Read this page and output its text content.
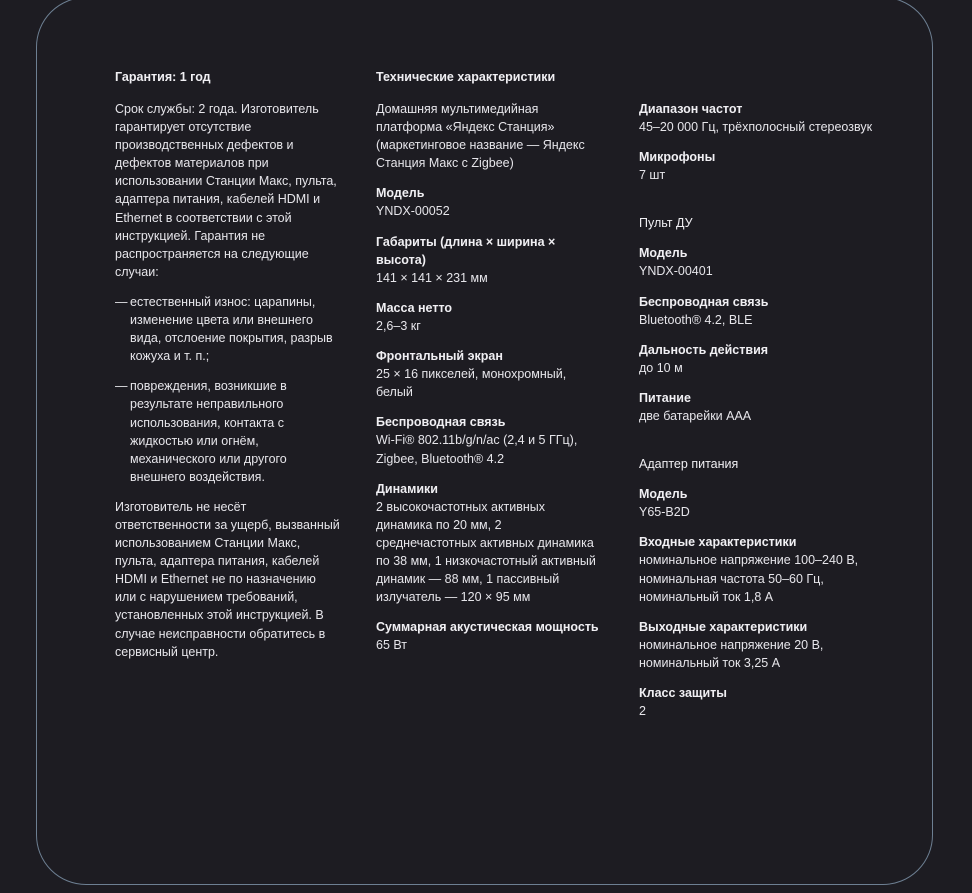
Гарантия: 1 год

Срок службы: 2 года. Изготовитель гарантирует отсутствие производственных дефектов и дефектов материалов при использовании Станции Макс, пульта, адаптера питания, кабелей HDMI и Ethernet в соответствии с этой инструкцией. Гарантия не распространяется на следующие случаи:

— естественный износ: царапины, изменение цвета или внешнего вида, отслоение покрытия, разрыв кожуха и т. п.;
— повреждения, возникшие в результате неправильного использования, контакта с жидкостью или огнём, механического или другого внешнего воздействия.

Изготовитель не несёт ответственности за ущерб, вызванный использованием Станции Макс, пульта, адаптера питания, кабелей HDMI и Ethernet не по назначению или с нарушением требований, установленных этой инструкцией. В случае неисправности обратитесь в сервисный центр.

Технические характеристики

Домашняя мультимедийная платформа «Яндекс Станция» (маркетинговое название — Яндекс Станция Макс с Zigbee)

Модель
YNDX-00052
Габариты (длина × ширина × высота)
141 × 141 × 231 мм
Масса нетто
2,6–3 кг
Фронтальный экран
25 × 16 пикселей, монохромный, белый
Беспроводная связь
Wi-Fi® 802.11b/g/n/ac (2,4 и 5 ГГц), Zigbee, Bluetooth® 4.2
Динамики
2 высокочастотных активных динамика по 20 мм, 2 среднечастотных активных динамика по 38 мм, 1 низкочастотный активный динамик — 88 мм, 1 пассивный излучатель — 120 × 95 мм
Суммарная акустическая мощность
65 Вт
Диапазон частот
45–20 000 Гц, трёхполосный стереозвук
Микрофоны
7 шт
Пульт ДУ
Модель
YNDX-00401
Беспроводная связь
Bluetooth® 4.2, BLE
Дальность действия
до 10 м
Питание
две батарейки AAA
Адаптер питания
Модель
Y65-B2D
Входные характеристики
номинальное напряжение 100–240 В, номинальная частота 50–60 Гц, номинальный ток 1,8 А
Выходные характеристики
номинальное напряжение 20 В, номинальный ток 3,25 А
Класс защиты
2
